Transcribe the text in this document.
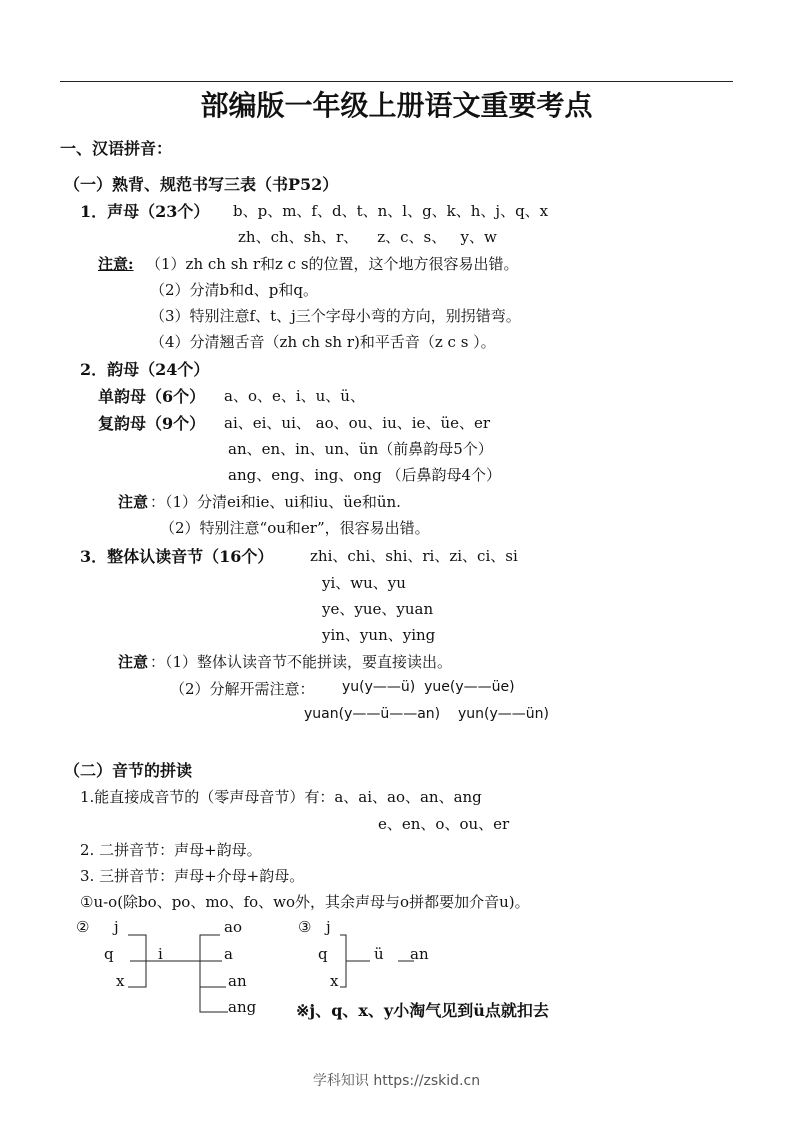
部编版一年级上册语文重要考点
一、汉语拼音：
（一）熟背、规范书写三表（书P52）
1．声母（23个） b、p、m、f、d、t、n、l、g、k、h、j、q、x
zh、ch、sh、r、    z、c、s、   y、w
注意: （1）zh ch sh r和z c s的位置，这个地方很容易出错。
（2）分清b和d、p和q。
（3）特别注意f、t、j三个字母小弯的方向，别拐错弯。
（4）分清翘舌音（zh ch sh r)和平舌音（z c s ）。
2．韵母（24个）
单韵母（6个） a、o、e、i、u、ü、
复韵母（9个） ai、ei、ui、 ao、ou、iu、ie、üe、er
an、en、in、un、ün（前鼻韵母5个）
ang、eng、ing、ong （后鼻韵母4个）
注意 ：（1）分清ei和ie、ui和iu、üe和ün.
（2）特别注意“ou和er”，很容易出错。
3．整体认读音节（16个） zhi、chi、shi、ri、zi、ci、si
yi、wu、yu
ye、yue、yuan
yin、yun、ying
注意 ：（1）整体认读音节不能拼读，要直接读出。
（2）分解开需注意： yu(y——ü)  yue(y——üe)
yuan(y——ü——an)    yun(y——ün)
（二）音节的拼读
1.能直接成音节的（零声母音节）有：a、ai、ao、an、ang
e、en、o、ou、er
2. 二拼音节：声母+韵母。
3. 三拼音节：声母+介母+韵母。
①u-o(除bo、po、mo、fo、wo外，其余声母与o拼都要加介音u)。
② j
q
x
i
ao
a
an
ang
③ j
q
x
ü an
※j、q、x、y小淘气见到ü点就扣去
学科知识 https://zskid.cn
